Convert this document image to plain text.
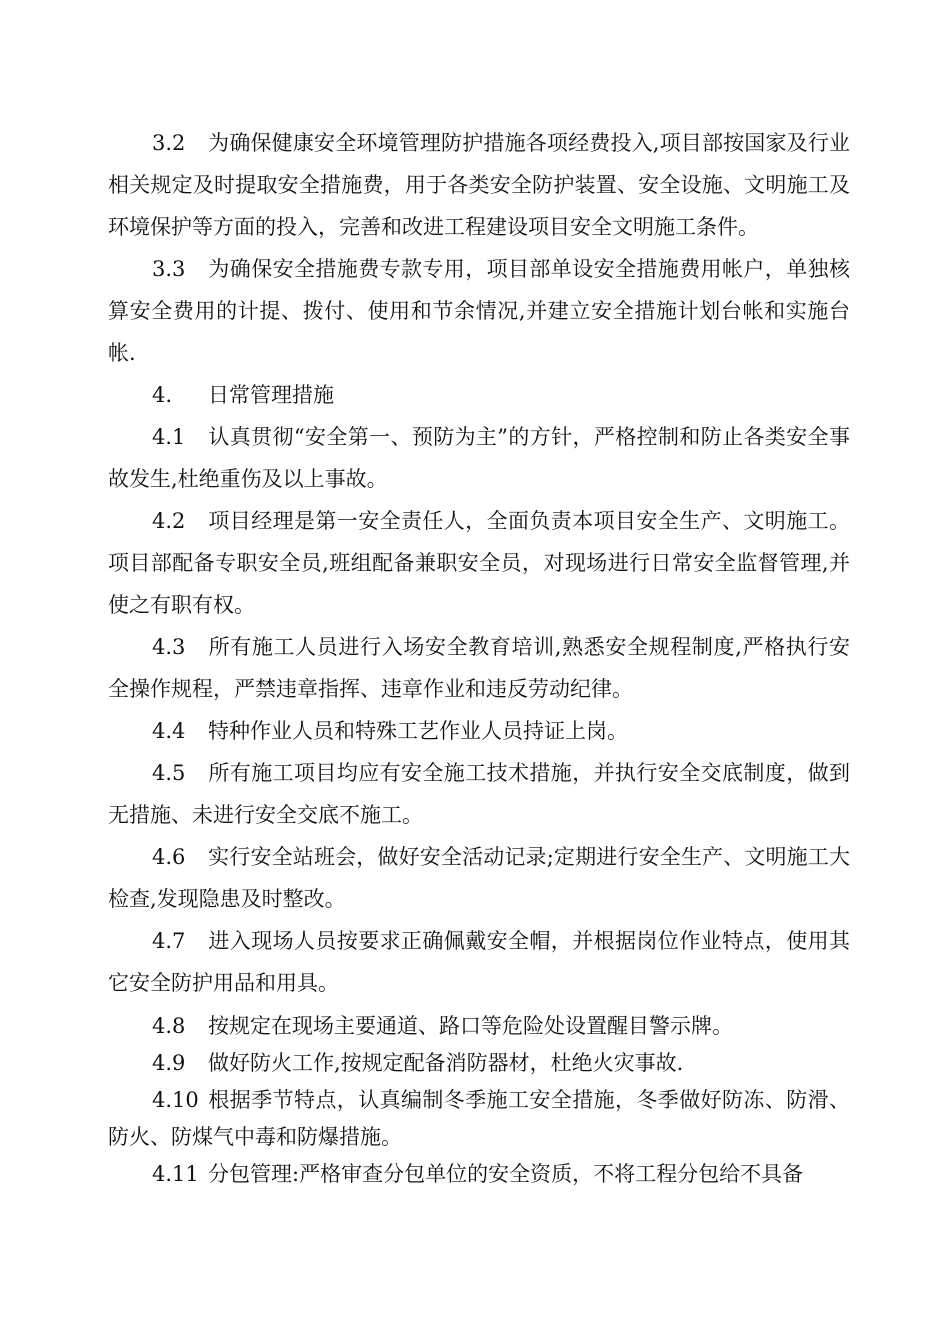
3.2 为确保健康安全环境管理防护措施各项经费投入,项目部按国家及行业相关规定及时提取安全措施费，用于各类安全防护装置、安全设施、文明施工及环境保护等方面的投入，完善和改进工程建设项目安全文明施工条件。

3.3 为确保安全措施费专款专用，项目部单设安全措施费用帐户，单独核算安全费用的计提、拨付、使用和节余情况,并建立安全措施计划台帐和实施台帐.

4. 日常管理措施

4.1 认真贯彻“安全第一、预防为主”的方针，严格控制和防止各类安全事故发生,杜绝重伤及以上事故。

4.2 项目经理是第一安全责任人，全面负责本项目安全生产、文明施工。项目部配备专职安全员,班组配备兼职安全员，对现场进行日常安全监督管理,并使之有职有权。

4.3 所有施工人员进行入场安全教育培训,熟悉安全规程制度,严格执行安全操作规程，严禁违章指挥、违章作业和违反劳动纪律。

4.4 特种作业人员和特殊工艺作业人员持证上岗。

4.5 所有施工项目均应有安全施工技术措施，并执行安全交底制度，做到无措施、未进行安全交底不施工。

4.6 实行安全站班会，做好安全活动记录;定期进行安全生产、文明施工大检查,发现隐患及时整改。

4.7 进入现场人员按要求正确佩戴安全帽，并根据岗位作业特点，使用其它安全防护用品和用具。

4.8 按规定在现场主要通道、路口等危险处设置醒目警示牌。

4.9 做好防火工作,按规定配备消防器材，杜绝火灾事故.

4.10 根据季节特点，认真编制冬季施工安全措施，冬季做好防冻、防滑、防火、防煤气中毒和防爆措施。

4.11 分包管理:严格审查分包单位的安全资质，不将工程分包给不具备
